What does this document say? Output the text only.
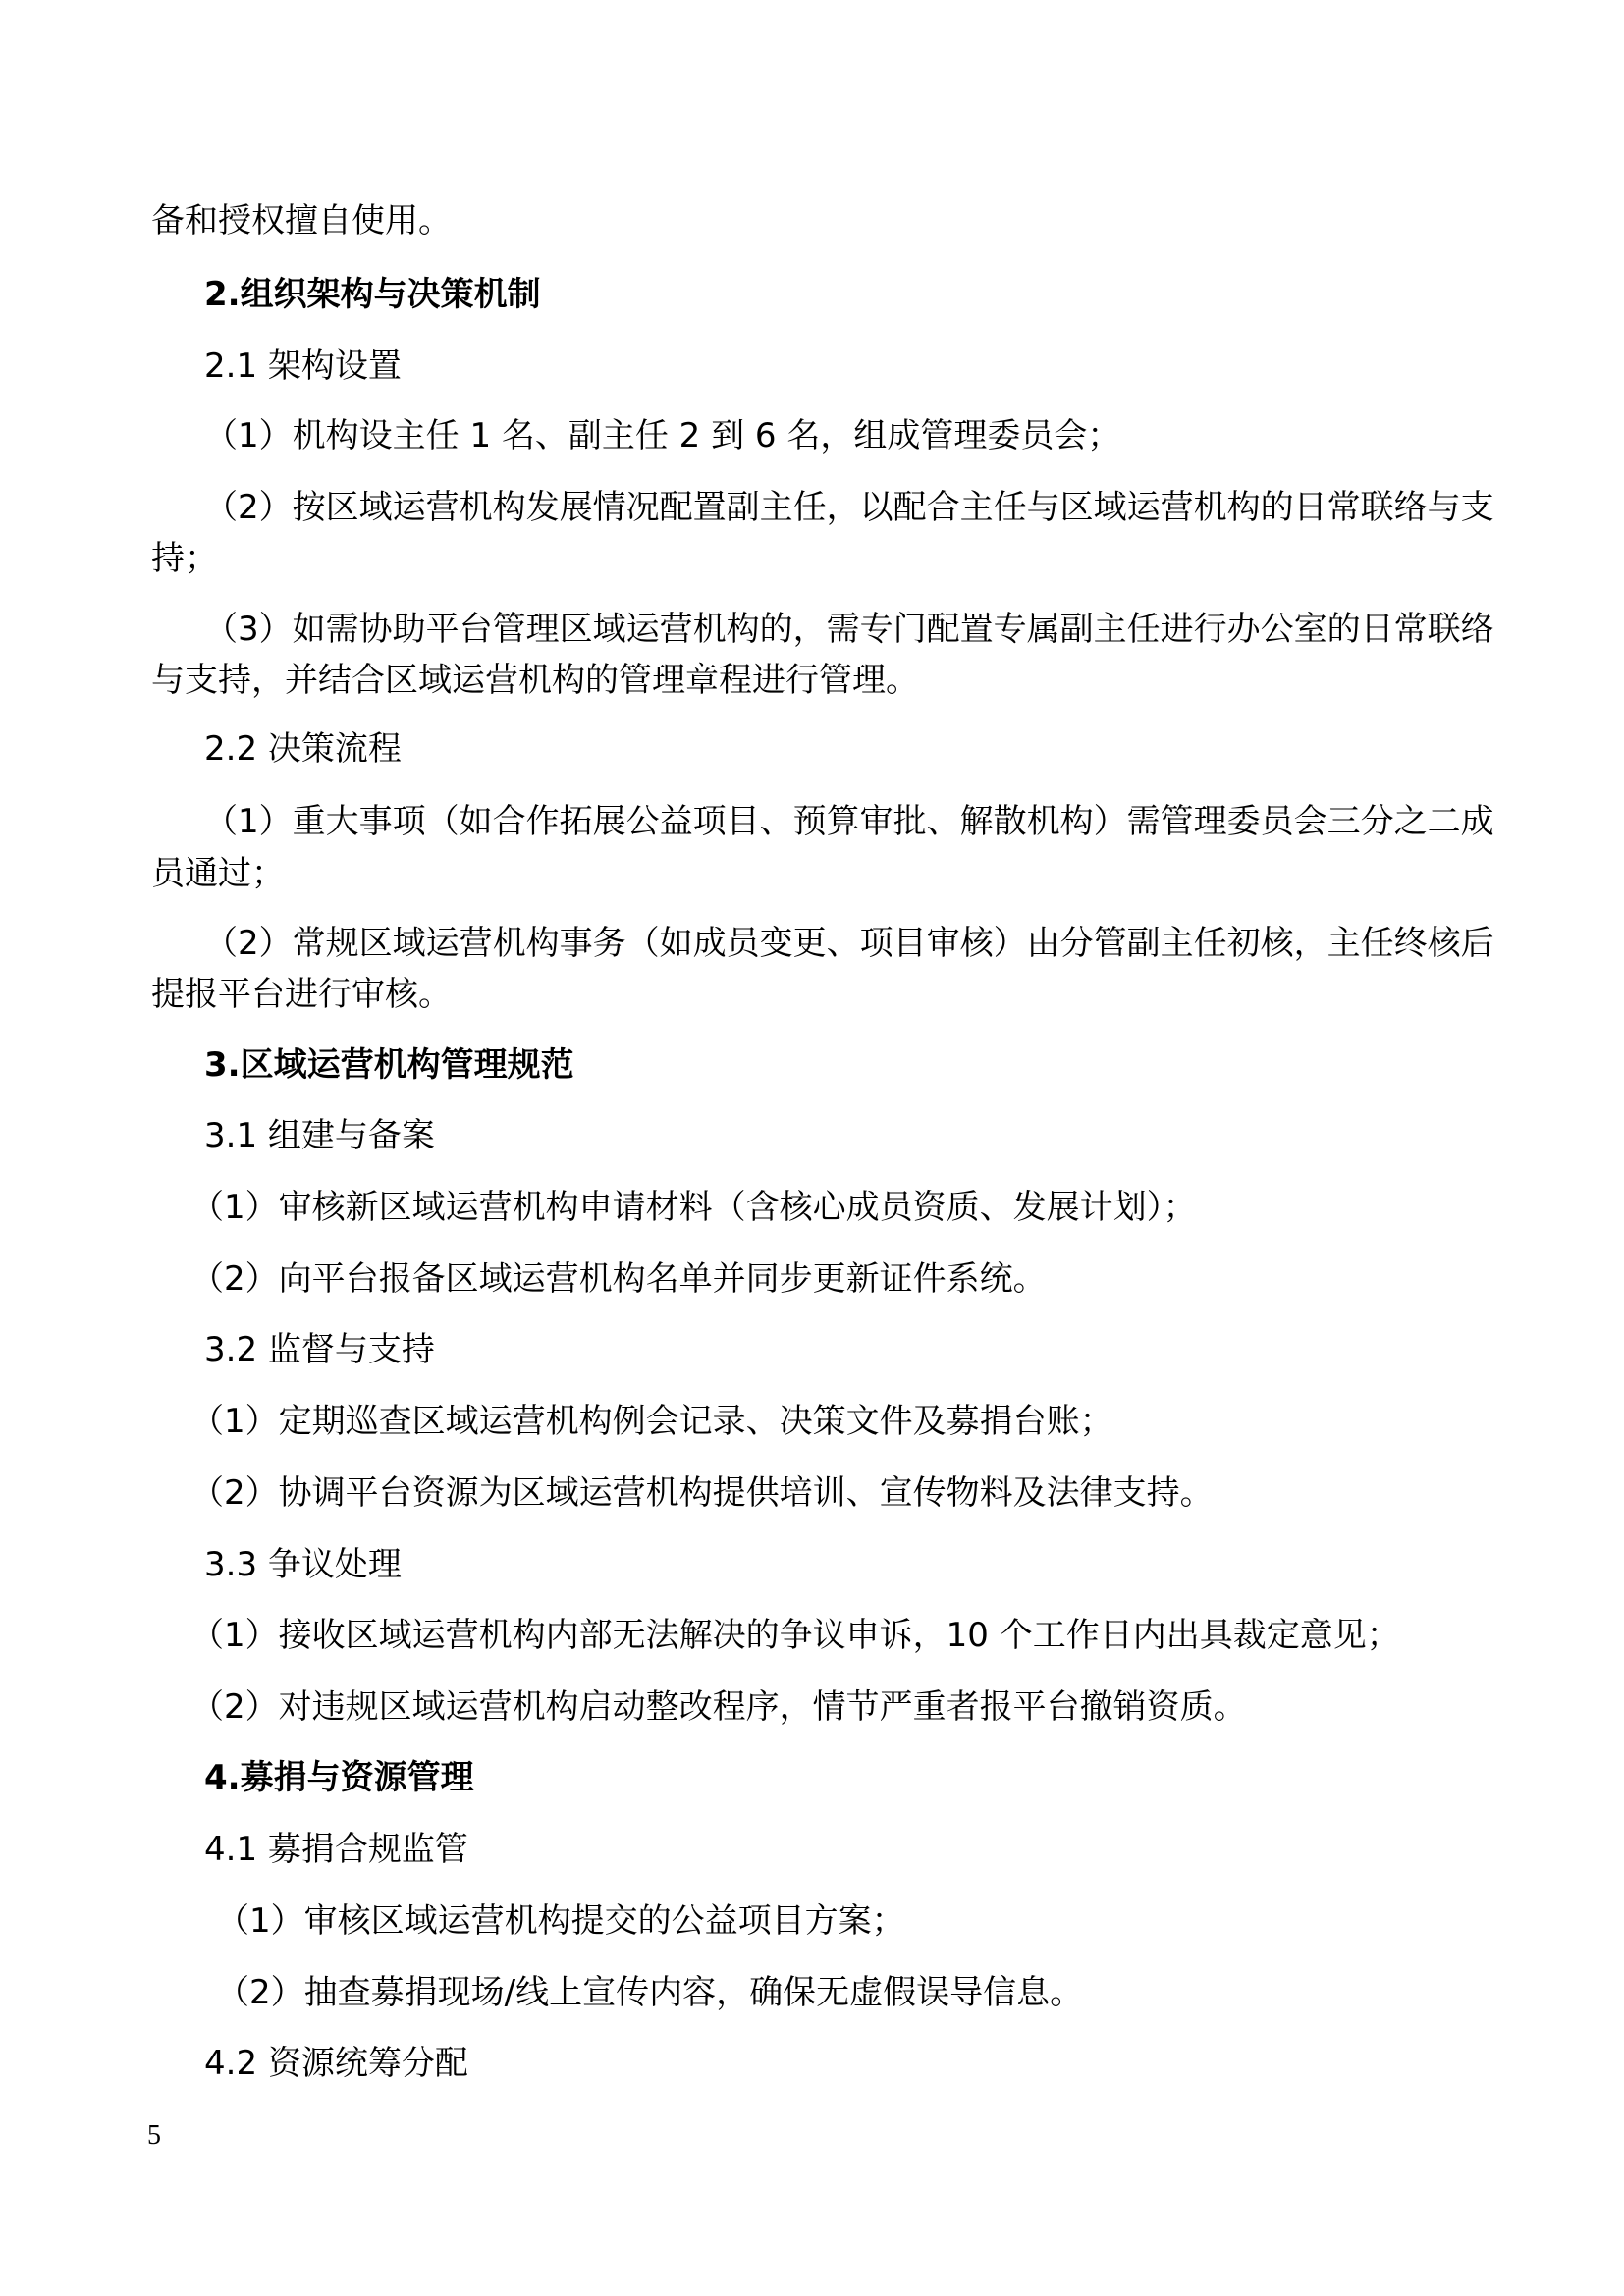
备和授权擅自使用。
2.组织架构与决策机制
2.1 架构设置
（1）机构设主任 1 名、副主任 2 到 6 名，组成管理委员会；
（2）按区域运营机构发展情况配置副主任，以配合主任与区域运营机构的日常联络与支
持；
（3）如需协助平台管理区域运营机构的，需专门配置专属副主任进行办公室的日常联络
与支持，并结合区域运营机构的管理章程进行管理。
2.2 决策流程
（1）重大事项（如合作拓展公益项目、预算审批、解散机构）需管理委员会三分之二成
员通过；
（2）常规区域运营机构事务（如成员变更、项目审核）由分管副主任初核，主任终核后
提报平台进行审核。
3.区域运营机构管理规范
3.1 组建与备案
（1）审核新区域运营机构申请材料（含核心成员资质、发展计划）；
（2）向平台报备区域运营机构名单并同步更新证件系统。
3.2 监督与支持
（1）定期巡查区域运营机构例会记录、决策文件及募捐台账；
（2）协调平台资源为区域运营机构提供培训、宣传物料及法律支持。
3.3 争议处理
（1）接收区域运营机构内部无法解决的争议申诉，10 个工作日内出具裁定意见；
（2）对违规区域运营机构启动整改程序，情节严重者报平台撤销资质。
4.募捐与资源管理
4.1 募捐合规监管
（1）审核区域运营机构提交的公益项目方案；
（2）抽查募捐现场/线上宣传内容，确保无虚假误导信息。
4.2 资源统筹分配
5
